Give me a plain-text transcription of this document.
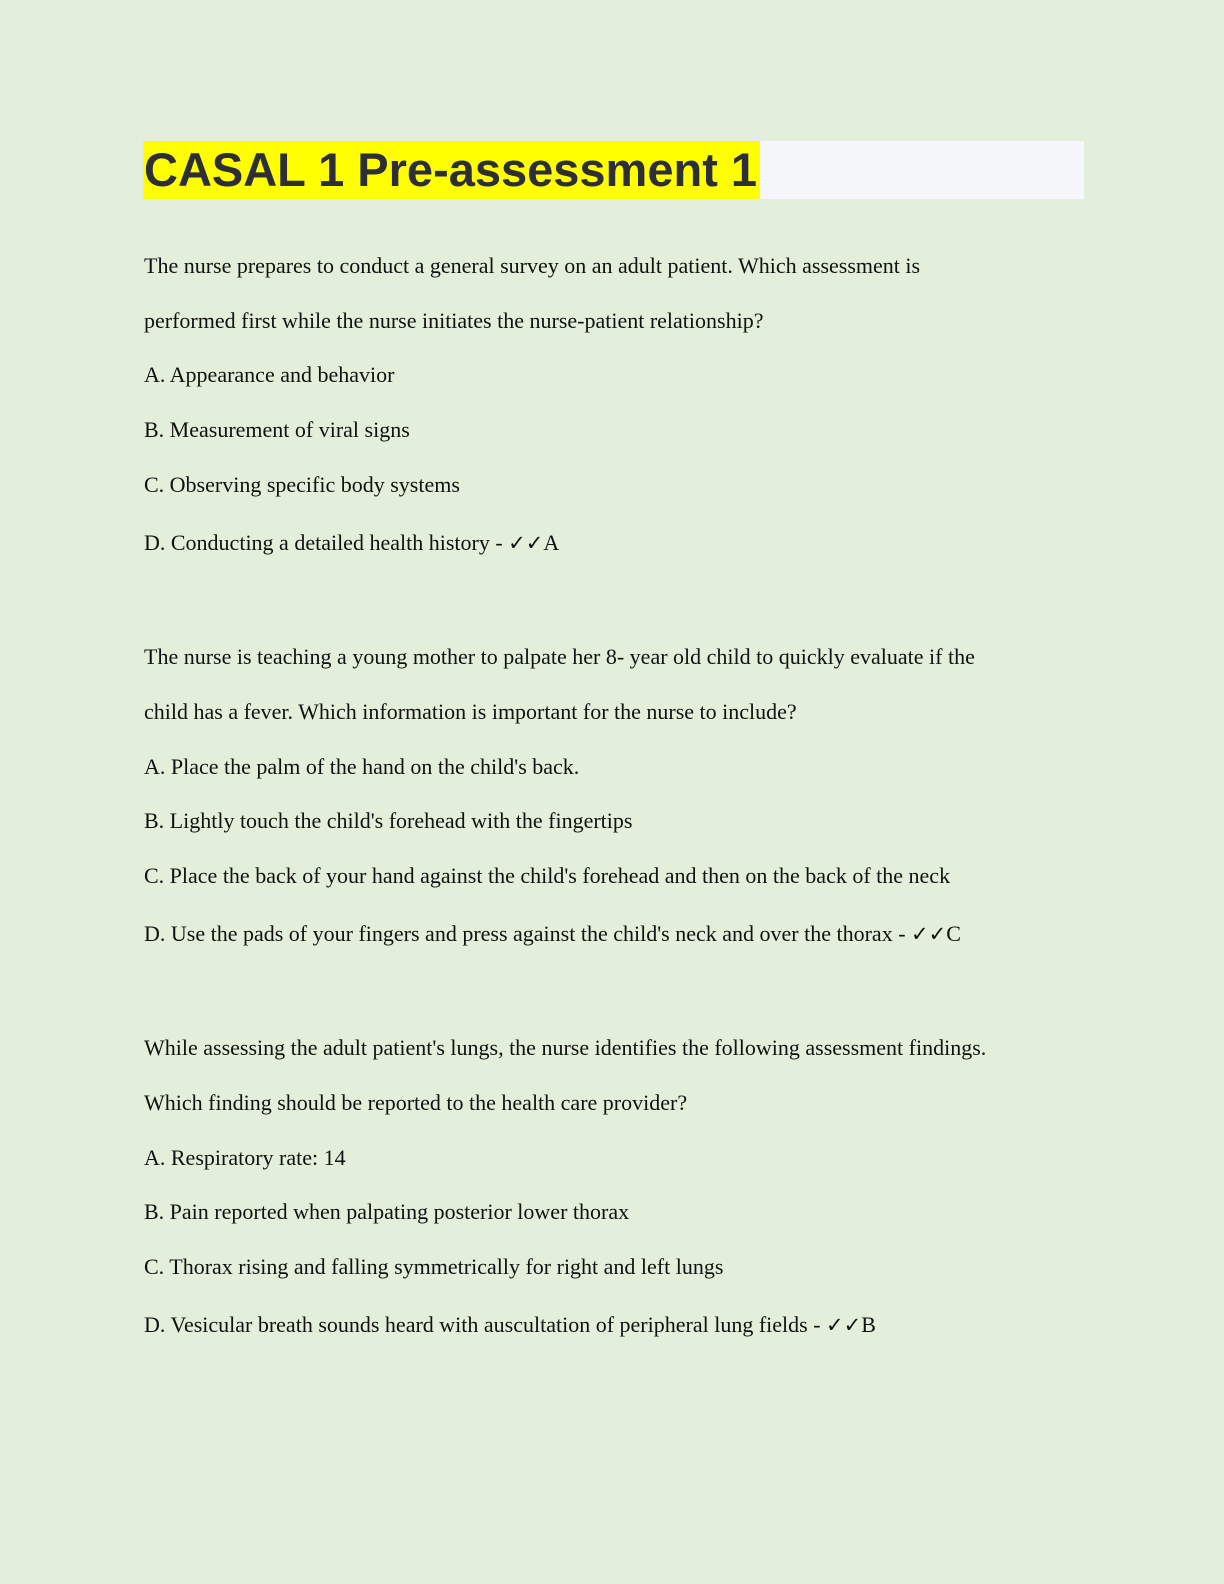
CASAL 1 Pre-assessment 1
The nurse prepares to conduct a general survey on an adult patient. Which assessment is
performed first while the nurse initiates the nurse-patient relationship?
A. Appearance and behavior
B. Measurement of viral signs
C. Observing specific body systems
D. Conducting a detailed health history - ✓✓A
The nurse is teaching a young mother to palpate her 8- year old child to quickly evaluate if the
child has a fever. Which information is important for the nurse to include?
A. Place the palm of the hand on the child's back.
B. Lightly touch the child's forehead with the fingertips
C. Place the back of your hand against the child's forehead and then on the back of the neck
D. Use the pads of your fingers and press against the child's neck and over the thorax - ✓✓C
While assessing the adult patient's lungs, the nurse identifies the following assessment findings.
Which finding should be reported to the health care provider?
A. Respiratory rate: 14
B. Pain reported when palpating posterior lower thorax
C. Thorax rising and falling symmetrically for right and left lungs
D. Vesicular breath sounds heard with auscultation of peripheral lung fields - ✓✓B
